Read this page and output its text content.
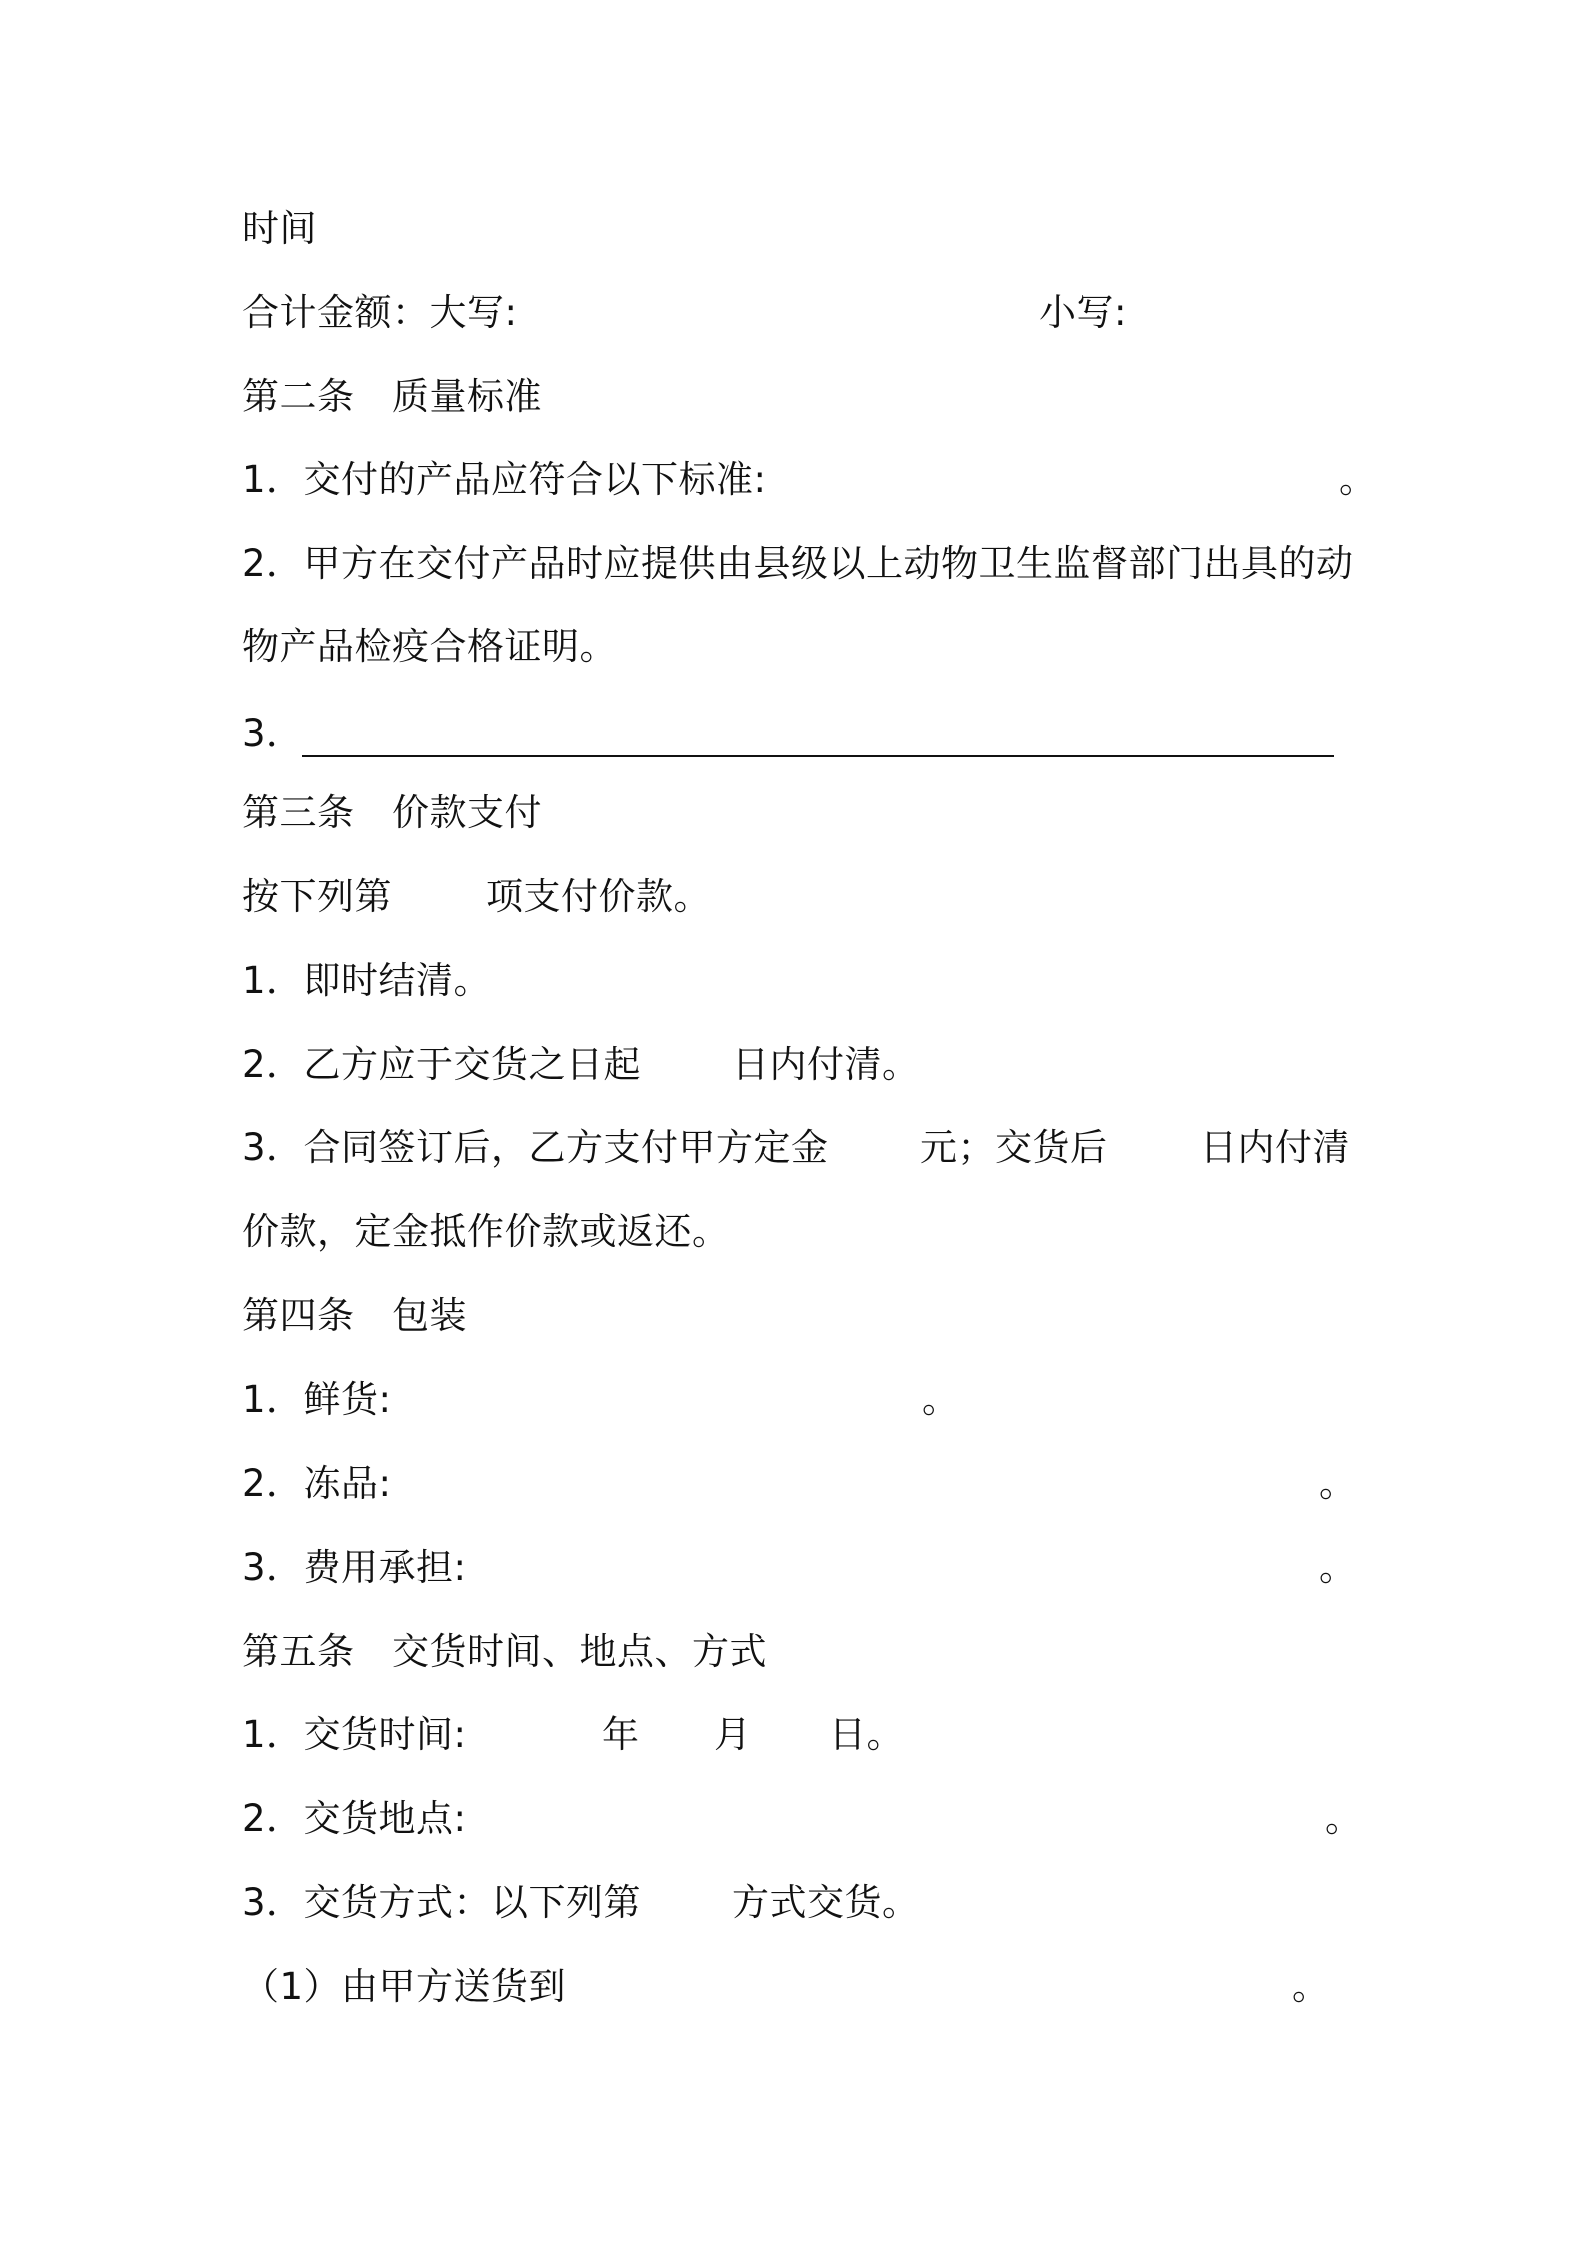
时间

合计金额：大写:

	小写:

第二条　质量标准

1．交付的产品应符合以下标准:

	。

2．甲方在交付产品时应提供由县级以上动物卫生监督部门出具的动

物产品检疫合格证明。

3．

第三条　价款支付

按下列第

	项支付价款。

1．即时结清。

2．乙方应于交货之日起

日内付清。

3．合同签订后，乙方支付甲方定金

元；交货后

	日内付清

价款，定金抵作价款或返还。

第四条　包装

1．鲜货:

	。

2．冻品:

	。

3．费用承担:

	。

第五条　交货时间、地点、方式

1．交货时间:

	年

月

日。

2．交货地点:

	。

3．交货方式：以下列第

方式交货。

（1）由甲方送货到

	。
